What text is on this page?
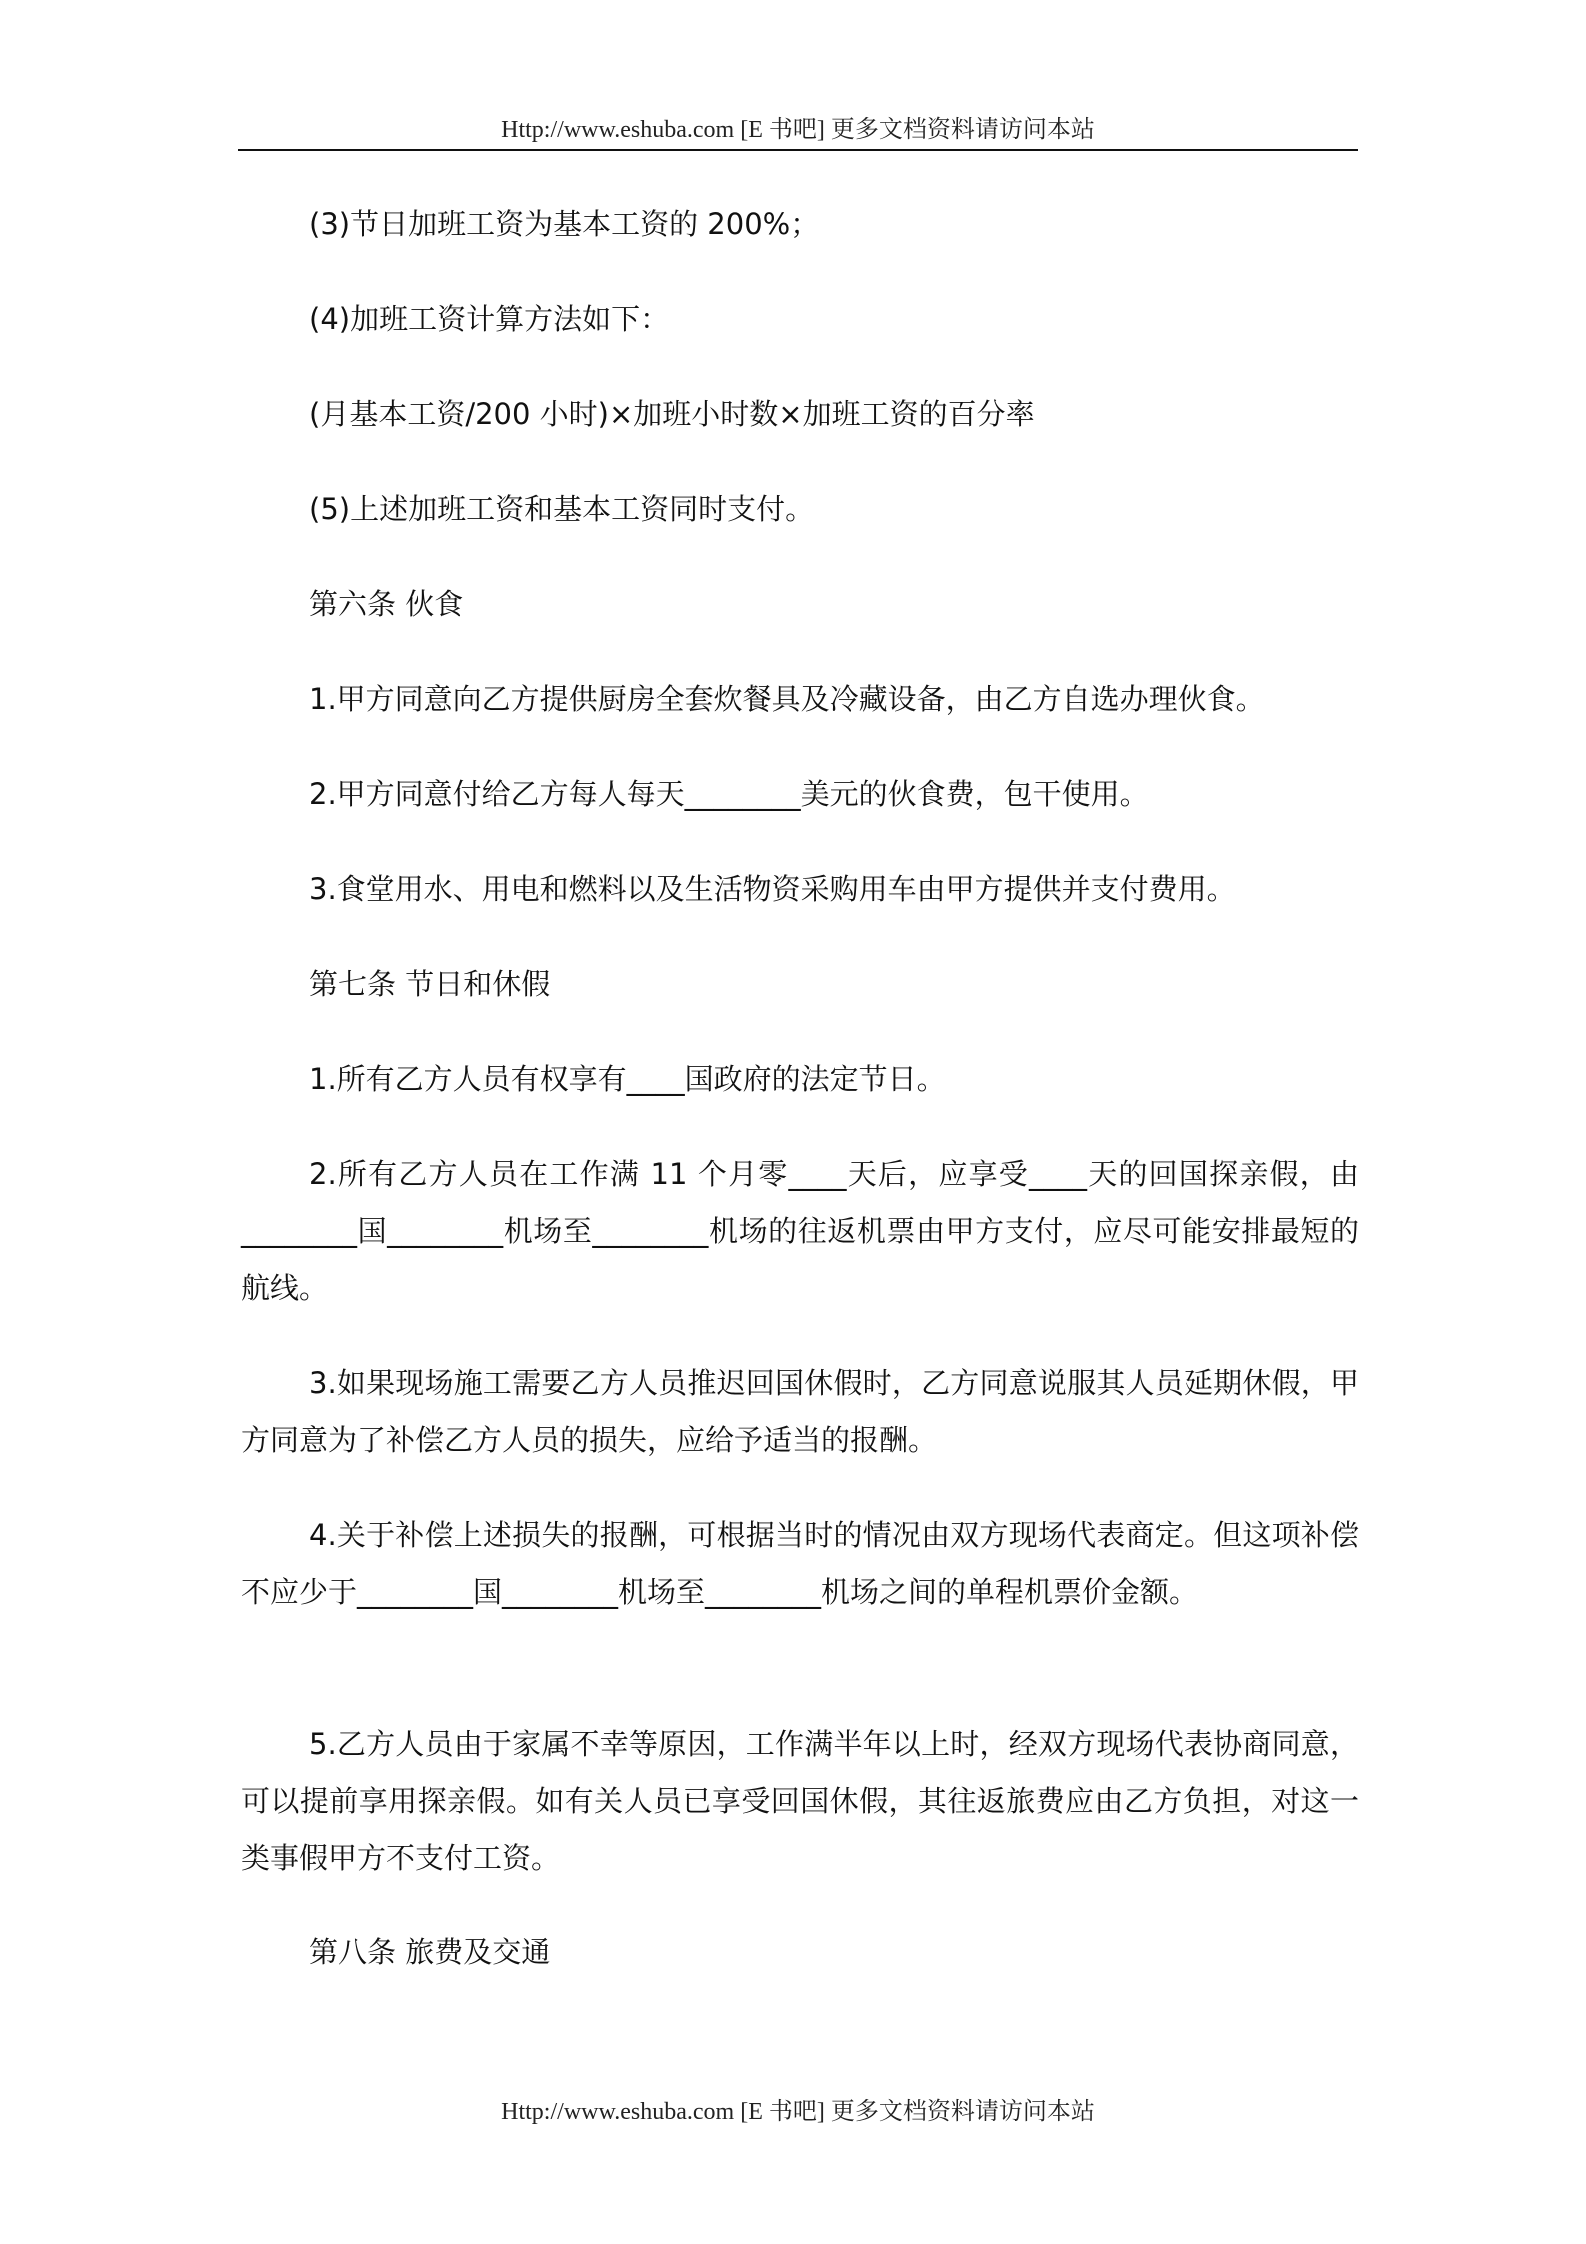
Http://www.eshuba.com [E 书吧] 更多文档资料请访问本站

(3)节日加班工资为基本工资的 200%；

(4)加班工资计算方法如下：

(月基本工资/200 小时)×加班小时数×加班工资的百分率

(5)上述加班工资和基本工资同时支付。

第六条 伙食

1.甲方同意向乙方提供厨房全套炊餐具及冷藏设备，由乙方自选办理伙食。

2.甲方同意付给乙方每人每天________美元的伙食费，包干使用。

3.食堂用水、用电和燃料以及生活物资采购用车由甲方提供并支付费用。

第七条 节日和休假

1.所有乙方人员有权享有____国政府的法定节日。

2.所有乙方人员在工作满 11 个月零____天后，应享受____天的回国探亲假，由________国________机场至________机场的往返机票由甲方支付，应尽可能安排最短的航线。

3.如果现场施工需要乙方人员推迟回国休假时，乙方同意说服其人员延期休假，甲方同意为了补偿乙方人员的损失，应给予适当的报酬。

4.关于补偿上述损失的报酬，可根据当时的情况由双方现场代表商定。但这项补偿不应少于________国________机场至________机场之间的单程机票价金额。

5.乙方人员由于家属不幸等原因，工作满半年以上时，经双方现场代表协商同意，可以提前享用探亲假。如有关人员已享受回国休假，其往返旅费应由乙方负担，对这一类事假甲方不支付工资。

第八条 旅费及交通

Http://www.eshuba.com [E 书吧] 更多文档资料请访问本站
